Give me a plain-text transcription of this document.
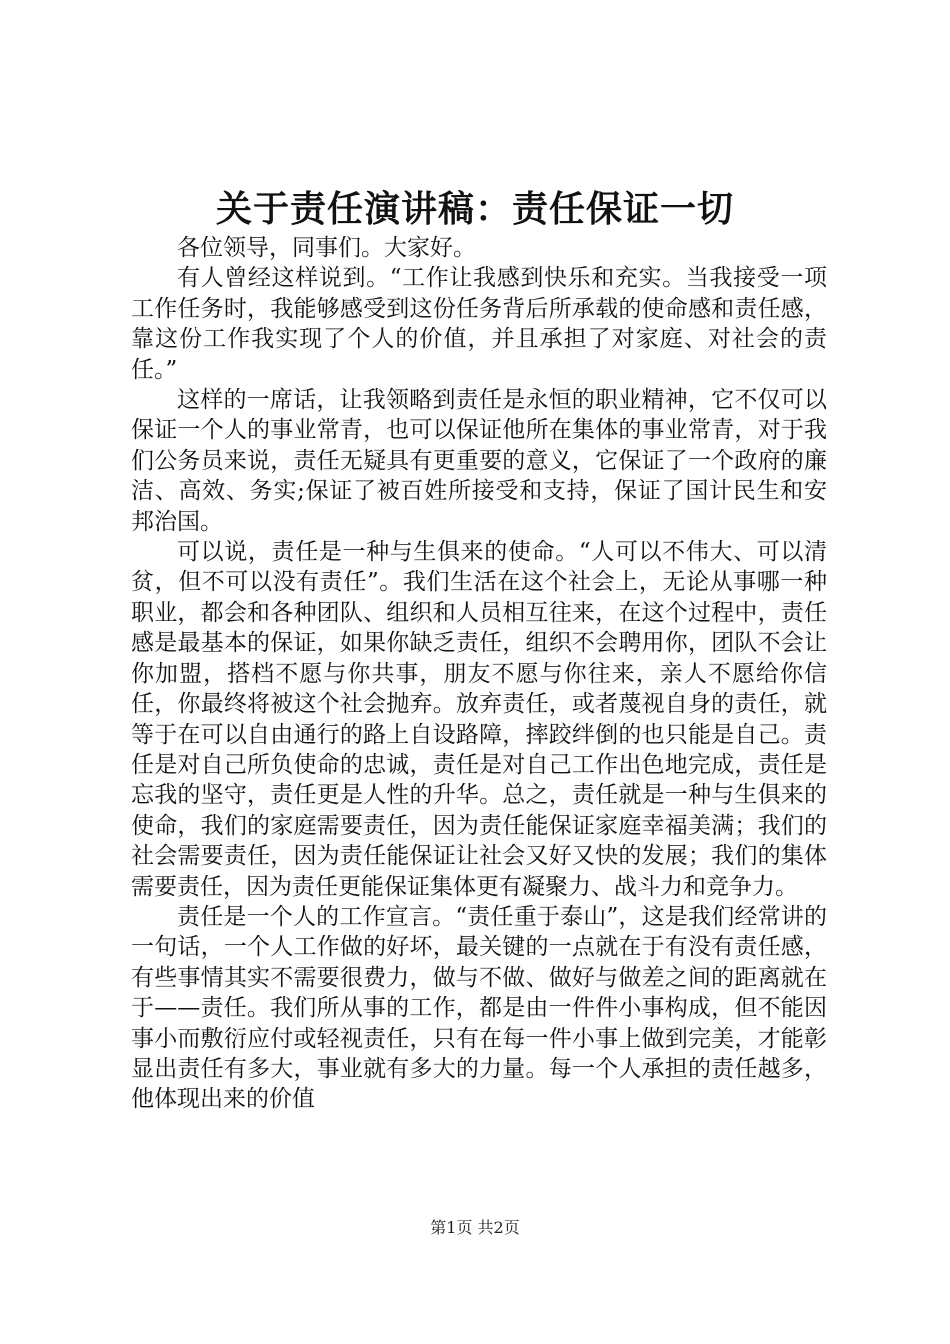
关于责任演讲稿：责任保证一切

各位领导，同事们。大家好。

有人曾经这样说到。“工作让我感到快乐和充实。当我接受一项工作任务时，我能够感受到这份任务背后所承载的使命感和责任感，靠这份工作我实现了个人的价值，并且承担了对家庭、对社会的责任。”

这样的一席话，让我领略到责任是永恒的职业精神，它不仅可以保证一个人的事业常青，也可以保证他所在集体的事业常青，对于我们公务员来说，责任无疑具有更重要的意义，它保证了一个政府的廉洁、高效、务实;保证了被百姓所接受和支持，保证了国计民生和安邦治国。

可以说，责任是一种与生俱来的使命。“人可以不伟大、可以清贫，但不可以没有责任”。我们生活在这个社会上，无论从事哪一种职业，都会和各种团队、组织和人员相互往来，在这个过程中，责任感是最基本的保证，如果你缺乏责任，组织不会聘用你，团队不会让你加盟，搭档不愿与你共事，朋友不愿与你往来，亲人不愿给你信任，你最终将被这个社会抛弃。放弃责任，或者蔑视自身的责任，就等于在可以自由通行的路上自设路障，摔跤绊倒的也只能是自己。责任是对自己所负使命的忠诚，责任是对自己工作出色地完成，责任是忘我的坚守，责任更是人性的升华。总之，责任就是一种与生俱来的使命，我们的家庭需要责任，因为责任能保证家庭幸福美满；我们的社会需要责任，因为责任能保证让社会又好又快的发展；我们的集体需要责任，因为责任更能保证集体更有凝聚力、战斗力和竞争力。

责任是一个人的工作宣言。“责任重于泰山”，这是我们经常讲的一句话，一个人工作做的好坏，最关键的一点就在于有没有责任感，有些事情其实不需要很费力，做与不做、做好与做差之间的距离就在于——责任。我们所从事的工作，都是由一件件小事构成，但不能因事小而敷衍应付或轻视责任，只有在每一件小事上做到完美，才能彰显出责任有多大，事业就有多大的力量。每一个人承担的责任越多，他体现出来的价值

第1页 共2页
